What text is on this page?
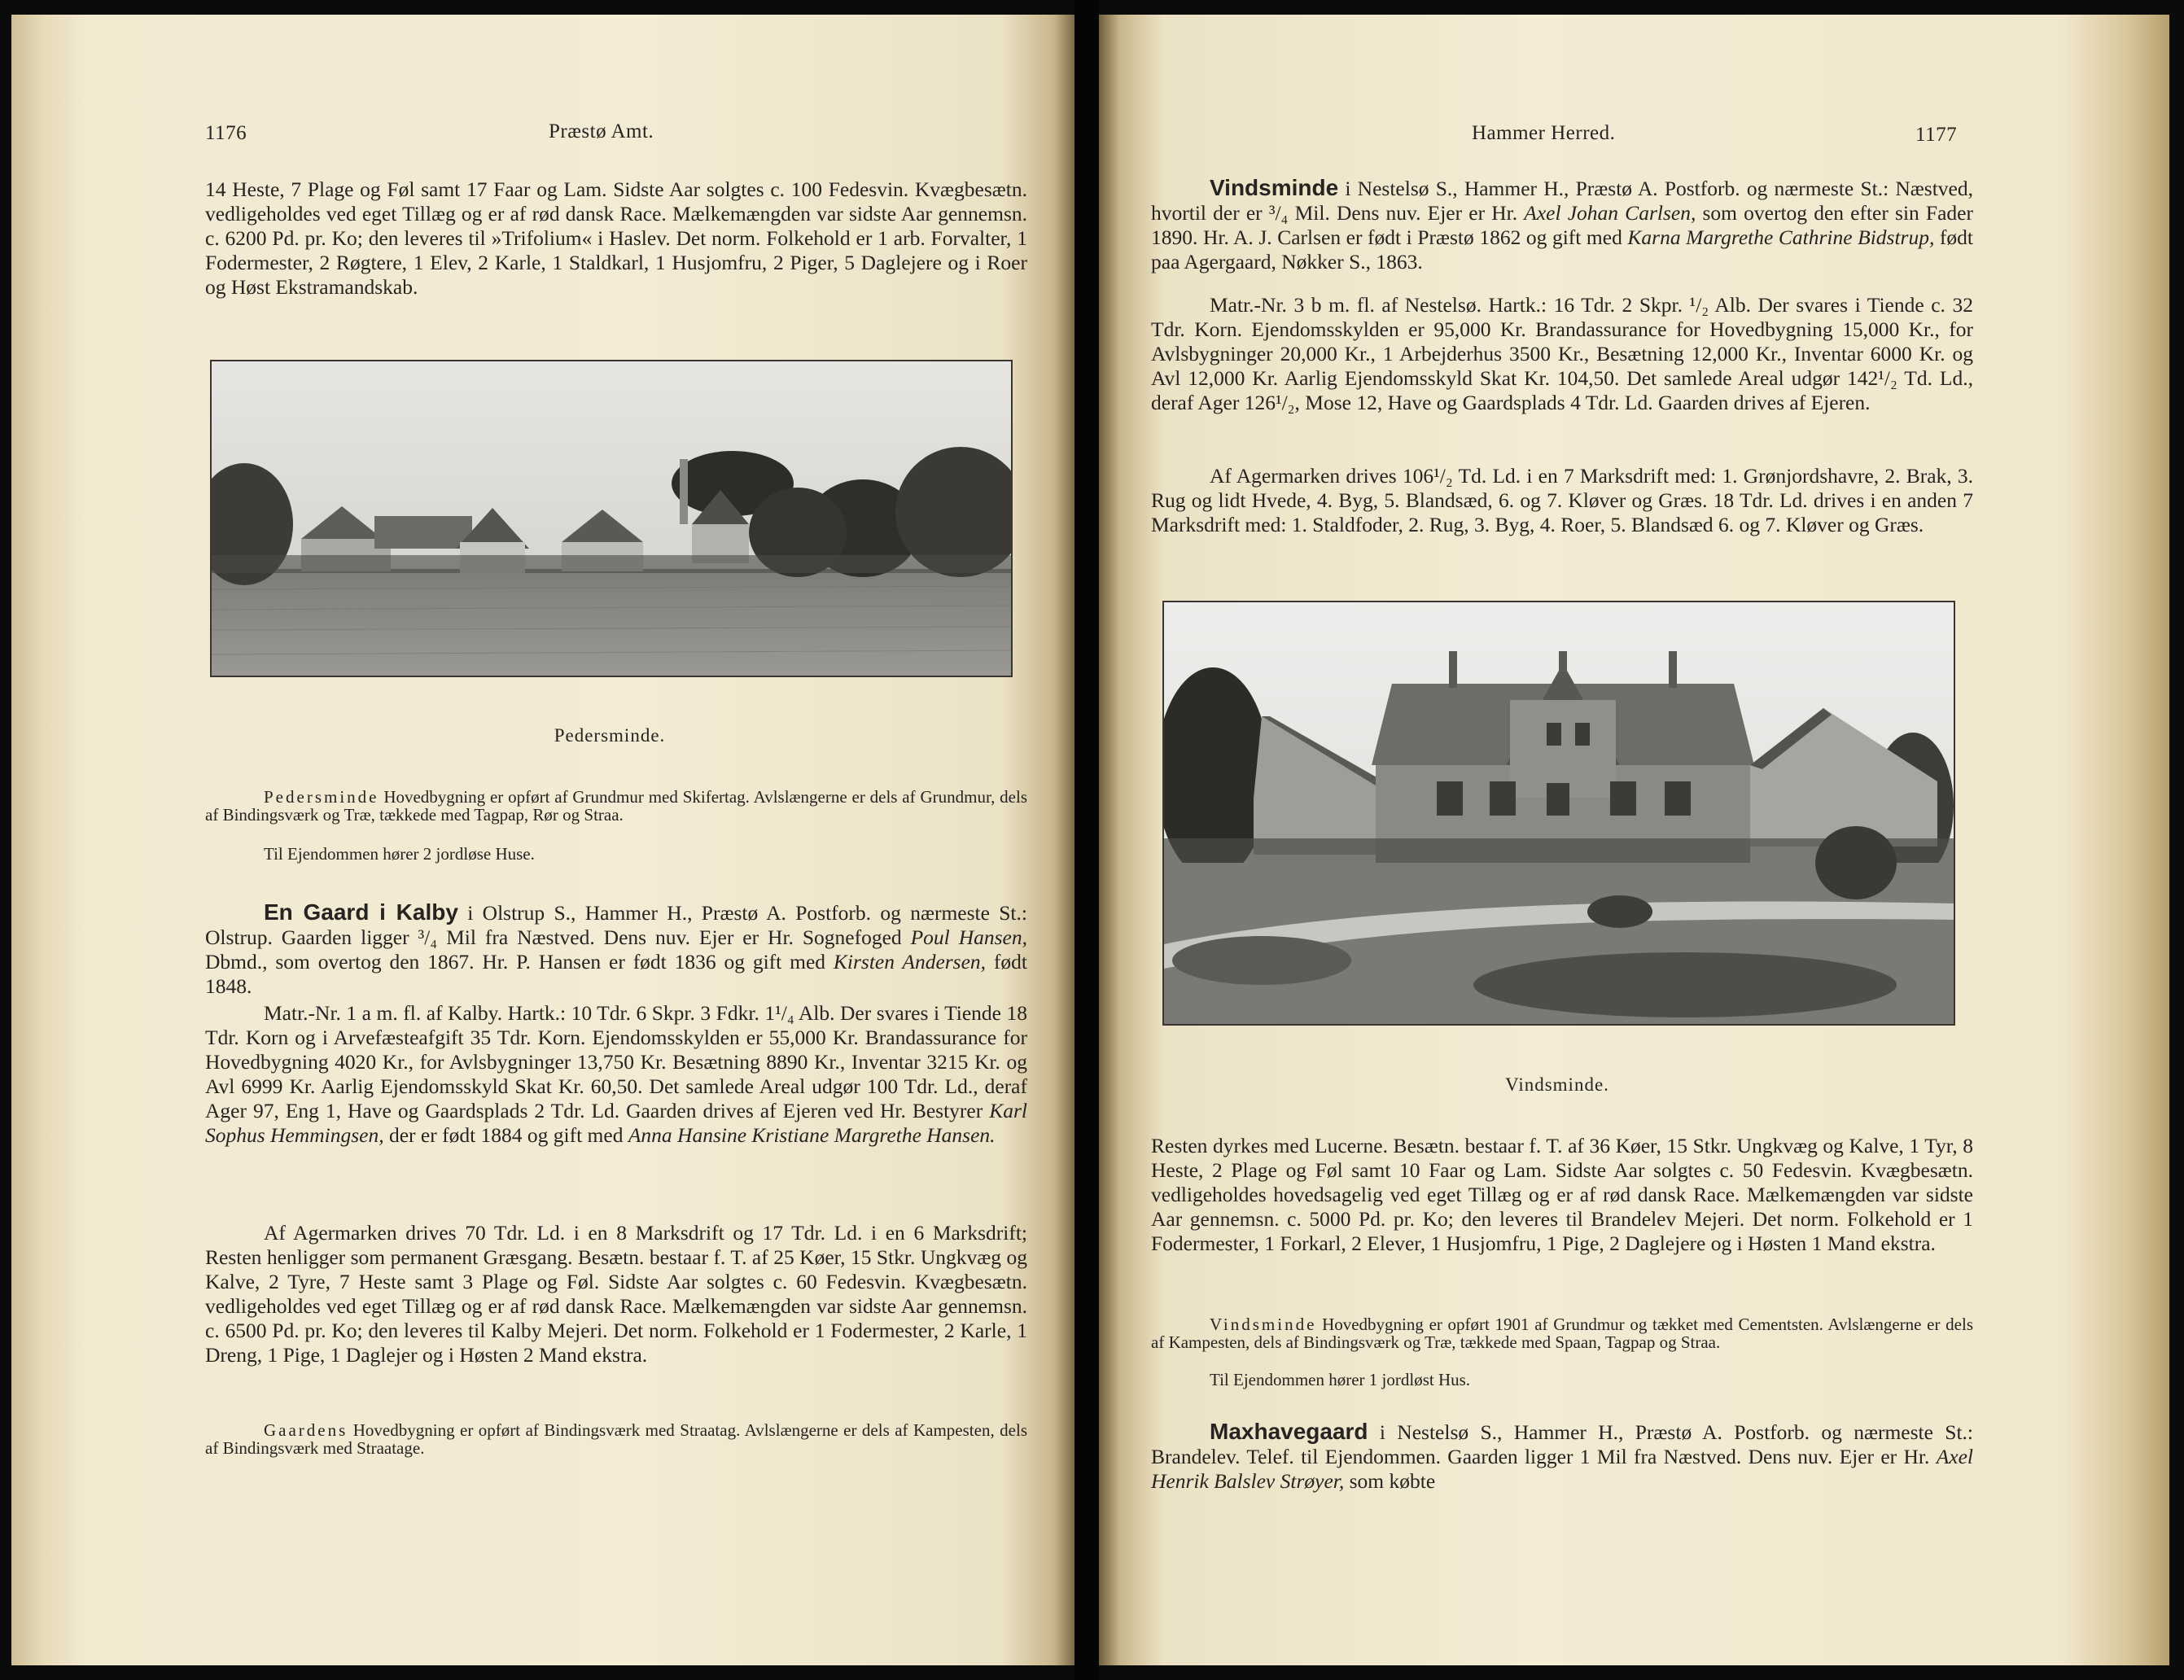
1176	Præstø Amt.

14 Heste, 7 Plage og Føl samt 17 Faar og Lam. Sidste Aar solgtes c. 100 Fedesvin. Kvægbesætn. vedligeholdes ved eget Tillæg og er af rød dansk Race. Mælkemængden var sidste Aar gennemsn. c. 6200 Pd. pr. Ko; den leveres til »Trifolium« i Haslev. Det norm. Folkehold er 1 arb. Forvalter, 1 Fodermester, 2 Røgtere, 1 Elev, 2 Karle, 1 Staldkarl, 1 Husjomfru, 2 Piger, 5 Daglejere og i Roer og Høst Ekstramandskab.

Pedersminde.

Pedersminde Hovedbygning er opført af Grundmur med Skifertag. Avlslængerne er dels af Grundmur, dels af Bindingsværk og Træ, tækkede med Tagpap, Rør og Straa.

Til Ejendommen hører 2 jordløse Huse.

En Gaard i Kalby i Olstrup S., Hammer H., Præstø A. Postforb. og nærmeste St.: Olstrup. Gaarden ligger ³/₄ Mil fra Næstved. Dens nuv. Ejer er Hr. Sognefoged Poul Hansen, Dbmd., som overtog den 1867. Hr. P. Hansen er født 1836 og gift med Kirsten Andersen, født 1848.

Matr.-Nr. 1 a m. fl. af Kalby. Hartk.: 10 Tdr. 6 Skpr. 3 Fdkr. 1¹/₄ Alb. Der svares i Tiende 18 Tdr. Korn og i Arvefæsteafgift 35 Tdr. Korn. Ejendomsskylden er 55,000 Kr. Brandassurance for Hovedbygning 4020 Kr., for Avlsbygninger 13,750 Kr. Besætning 8890 Kr., Inventar 3215 Kr. og Avl 6999 Kr. Aarlig Ejendomsskyld Skat Kr. 60,50. Det samlede Areal udgør 100 Tdr. Ld., deraf Ager 97, Eng 1, Have og Gaardsplads 2 Tdr. Ld. Gaarden drives af Ejeren ved Hr. Bestyrer Karl Sophus Hemmingsen, der er født 1884 og gift med Anna Hansine Kristiane Margrethe Hansen.

Af Agermarken drives 70 Tdr. Ld. i en 8 Marksdrift og 17 Tdr. Ld. i en 6 Marksdrift; Resten henligger som permanent Græsgang. Besætn. bestaar f. T. af 25 Køer, 15 Stkr. Ungkvæg og Kalve, 2 Tyre, 7 Heste samt 3 Plage og Føl. Sidste Aar solgtes c. 60 Fedesvin. Kvægbesætn. vedligeholdes ved eget Tillæg og er af rød dansk Race. Mælkemængden var sidste Aar gennemsn. c. 6500 Pd. pr. Ko; den leveres til Kalby Mejeri. Det norm. Folkehold er 1 Fodermester, 2 Karle, 1 Dreng, 1 Pige, 1 Daglejer og i Høsten 2 Mand ekstra.

Gaardens Hovedbygning er opført af Bindingsværk med Straatag. Avlslængerne er dels af Kampesten, dels af Bindingsværk med Straatage.

Hammer Herred.	1177

Vindsminde i Nestelsø S., Hammer H., Præstø A. Postforb. og nærmeste St.: Næstved, hvortil der er ³/₄ Mil. Dens nuv. Ejer er Hr. Axel Johan Carlsen, som overtog den efter sin Fader 1890. Hr. A. J. Carlsen er født i Præstø 1862 og gift med Karna Margrethe Cathrine Bidstrup, født paa Agergaard, Nøkker S., 1863.

Matr.-Nr. 3 b m. fl. af Nestelsø. Hartk.: 16 Tdr. 2 Skpr. ¹/₂ Alb. Der svares i Tiende c. 32 Tdr. Korn. Ejendomsskylden er 95,000 Kr. Brandassurance for Hovedbygning 15,000 Kr., for Avlsbygninger 20,000 Kr., 1 Arbejderhus 3500 Kr., Besætning 12,000 Kr., Inventar 6000 Kr. og Avl 12,000 Kr. Aarlig Ejendomsskyld Skat Kr. 104,50. Det samlede Areal udgør 142¹/₂ Td. Ld., deraf Ager 126¹/₂, Mose 12, Have og Gaardsplads 4 Tdr. Ld. Gaarden drives af Ejeren.

Af Agermarken drives 106¹/₂ Td. Ld. i en 7 Marksdrift med: 1. Grønjordshavre, 2. Brak, 3. Rug og lidt Hvede, 4. Byg, 5. Blandsæd, 6. og 7. Kløver og Græs. 18 Tdr. Ld. drives i en anden 7 Marksdrift med: 1. Staldfoder, 2. Rug, 3. Byg, 4. Roer, 5. Blandsæd 6. og 7. Kløver og Græs.

Vindsminde.

Resten dyrkes med Lucerne. Besætn. bestaar f. T. af 36 Køer, 15 Stkr. Ungkvæg og Kalve, 1 Tyr, 8 Heste, 2 Plage og Føl samt 10 Faar og Lam. Sidste Aar solgtes c. 50 Fedesvin. Kvægbesætn. vedligeholdes hovedsagelig ved eget Tillæg og er af rød dansk Race. Mælkemængden var sidste Aar gennemsn. c. 5000 Pd. pr. Ko; den leveres til Brandelev Mejeri. Det norm. Folkehold er 1 Fodermester, 1 Forkarl, 2 Elever, 1 Husjomfru, 1 Pige, 2 Daglejere og i Høsten 1 Mand ekstra.

Vindsminde Hovedbygning er opført 1901 af Grundmur og tækket med Cementsten. Avlslængerne er dels af Kampesten, dels af Bindingsværk og Træ, tækkede med Spaan, Tagpap og Straa.

Til Ejendommen hører 1 jordløst Hus.

Maxhavegaard i Nestelsø S., Hammer H., Præstø A. Postforb. og nærmeste St.: Brandelev. Telef. til Ejendommen. Gaarden ligger 1 Mil fra Næstved. Dens nuv. Ejer er Hr. Axel Henrik Balslev Strøyer, som købte
